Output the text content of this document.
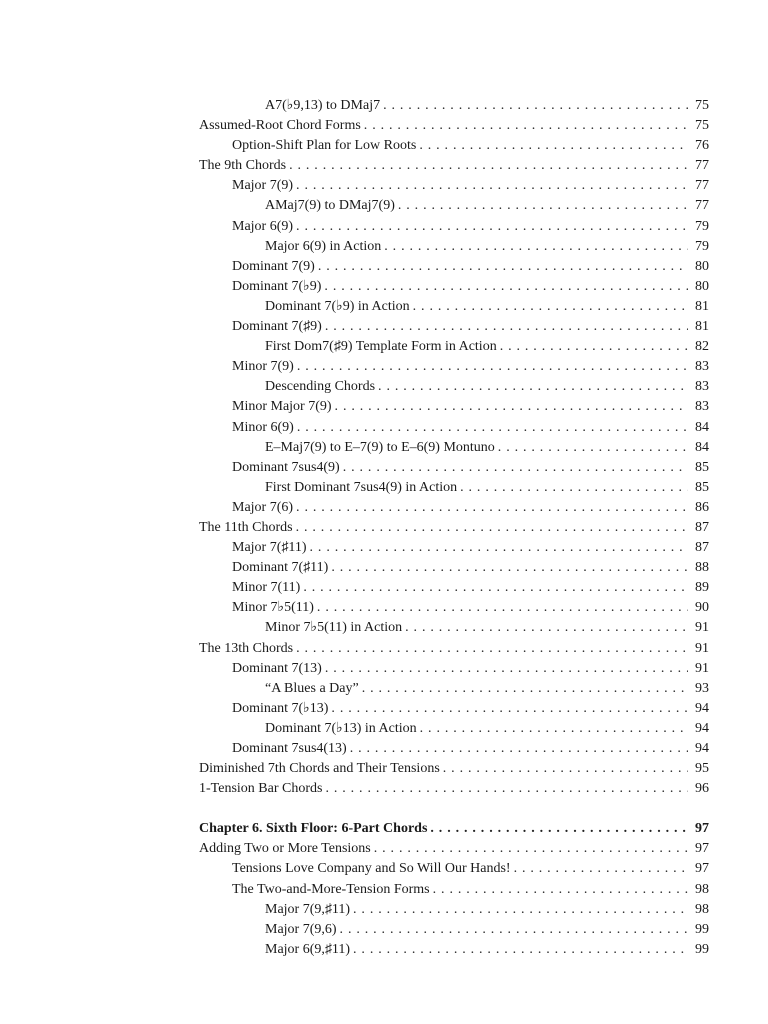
A7(♭9,13) to DMaj7 . . .	75
Assumed-Root Chord Forms . . .	75
Option-Shift Plan for Low Roots . . .	76
The 9th Chords . . .	77
Major 7(9) . . .	77
AMaj7(9) to DMaj7(9) . . .	77
Major 6(9) . . .	79
Major 6(9) in Action . . .	79
Dominant 7(9) . . .	80
Dominant 7(♭9) . . .	80
Dominant 7(♭9) in Action . . .	81
Dominant 7(♯9) . . .	81
First Dom7(♯9) Template Form in Action . . .	82
Minor 7(9) . . .	83
Descending Chords . . .	83
Minor Major 7(9) . . .	83
Minor 6(9) . . .	84
E–Maj7(9) to E–7(9) to E–6(9) Montuno . . .	84
Dominant 7sus4(9) . . .	85
First Dominant 7sus4(9) in Action . . .	85
Major 7(6) . . .	86
The 11th Chords . . .	87
Major 7(♯11) . . .	87
Dominant 7(♯11) . . .	88
Minor 7(11) . . .	89
Minor 7♭5(11) . . .	90
Minor 7♭5(11) in Action . . .	91
The 13th Chords . . .	91
Dominant 7(13) . . .	91
“A Blues a Day” . . .	93
Dominant 7(♭13) . . .	94
Dominant 7(♭13) in Action . . .	94
Dominant 7sus4(13) . . .	94
Diminished 7th Chords and Their Tensions . . .	95
1-Tension Bar Chords . . .	96
Chapter 6. Sixth Floor: 6-Part Chords . . .	97
Adding Two or More Tensions . . .	97
Tensions Love Company and So Will Our Hands! . . .	97
The Two-and-More-Tension Forms . . .	98
Major 7(9,♯11) . . .	98
Major 7(9,6) . . .	99
Major 6(9,♯11) . . .	99
